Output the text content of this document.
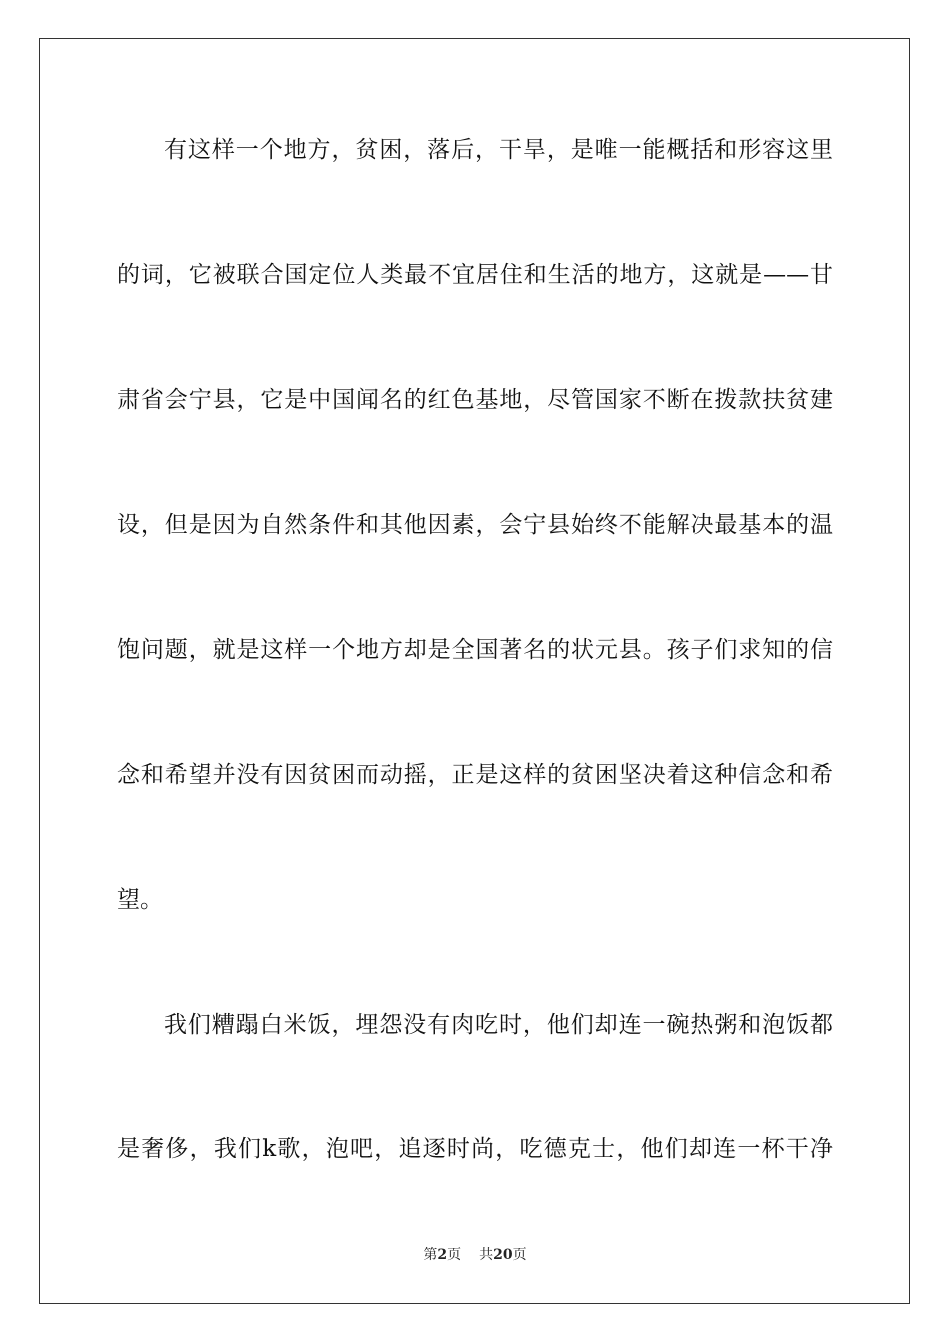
有这样一个地方，贫困，落后，干旱，是唯一能概括和形容这里
的词，它被联合国定位人类最不宜居住和生活的地方，这就是——甘
肃省会宁县，它是中国闻名的红色基地，尽管国家不断在拨款扶贫建
设，但是因为自然条件和其他因素，会宁县始终不能解决最基本的温
饱问题，就是这样一个地方却是全国著名的状元县。孩子们求知的信
念和希望并没有因贫困而动摇，正是这样的贫困坚决着这种信念和希
望。
我们糟蹋白米饭，埋怨没有肉吃时，他们却连一碗热粥和泡饭都
是奢侈，我们k歌，泡吧，追逐时尚，吃德克士，他们却连一杯干净
第2页 共20页
